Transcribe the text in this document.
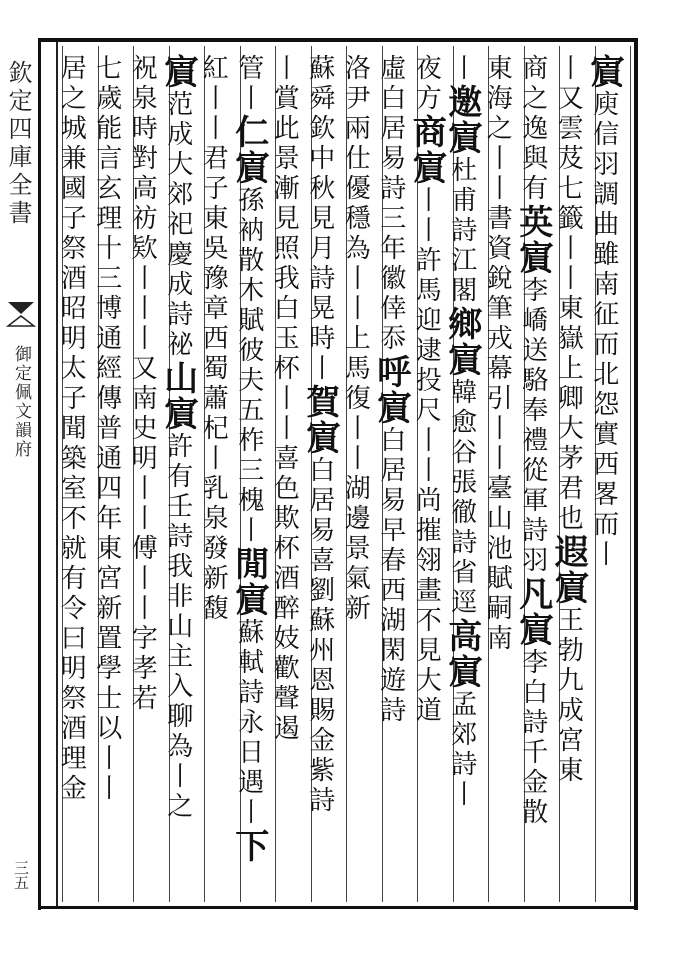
欽定四庫全書
御定佩文韻府
三五
賔庾信羽調曲雖南征而北怨實西畧而丨
丨又雲芨七籤丨丨東嶽上卿大茅君也遐賔王勃九成宮東
商之逸與有英賔李嶠送駱奉禮從軍詩羽凡賔李白詩千金散
東海之丨丨書資銳筆戎幕引丨丨臺山池賦嗣南
丨邀賔杜甫詩江閣鄉賔韓愈谷張徹詩省逕高賔孟郊詩丨
夜方商賔丨丨許馬迎逮投尺丨丨尚摧翎畫不見大道
虛白居易詩三年徽倖忝呼賔白居易早春西湖閑遊詩
洛尹兩仕優穩為丨丨上馬復丨丨湖邊景氣新
蘇舜欽中秋見月詩晃時丨賀賔白居易喜劉蘇州恩賜金紫詩
丨賞此景漸見照我白玉杯丨丨喜色欺杯酒醉妓歡聲遏
管丨仁賔孫衲散木賦彼夫五柞三槐丨閒賔蘇軾詩永日遇丨下
紅丨丨君子東吳豫章西蜀蕭杞丨乳泉發新馥
賔范成大郊祀慶成詩祕山賔許有壬詩我非山主入聊為丨之
祝泉時對高祊欵丨丨丨又南史明丨丨傅丨丨字孝若
七歲能言玄理十三博通經傳普通四年東宮新置學士以丨丨
居之城兼國子祭酒昭明太子聞築室不就有令曰明祭酒理金
